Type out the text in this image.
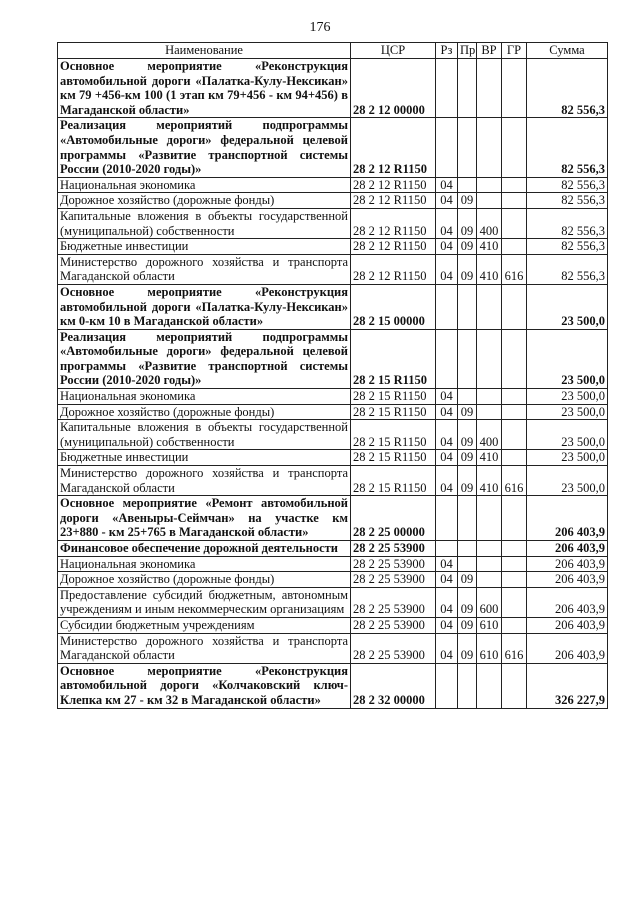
176
Наименование	ЦСР	Рз	Пр	ВР	ГР	Сумма
Основное мероприятие «Реконструкция автомобильной дороги «Палатка-Кулу-Нексикан» км 79 +456-км 100 (1 этап км 79+456 - км 94+456) в Магаданской области»	28 2 12 00000					82 556,3
Реализация мероприятий подпрограммы «Автомобильные дороги» федеральной целевой программы «Развитие транспортной системы России (2010-2020 годы)»	28 2 12 R1150					82 556,3
Национальная экономика	28 2 12 R1150	04				82 556,3
Дорожное хозяйство (дорожные фонды)	28 2 12 R1150	04	09			82 556,3
Капитальные вложения в объекты государственной (муниципальной) собственности	28 2 12 R1150	04	09	400		82 556,3
Бюджетные инвестиции	28 2 12 R1150	04	09	410		82 556,3
Министерство дорожного хозяйства и транспорта Магаданской области	28 2 12 R1150	04	09	410	616	82 556,3
Основное мероприятие «Реконструкция автомобильной дороги «Палатка-Кулу-Нексикан» км 0-км 10 в Магаданской области»	28 2 15 00000					23 500,0
Реализация мероприятий подпрограммы «Автомобильные дороги» федеральной целевой программы «Развитие транспортной системы России (2010-2020 годы)»	28 2 15 R1150					23 500,0
Национальная экономика	28 2 15 R1150	04				23 500,0
Дорожное хозяйство (дорожные фонды)	28 2 15 R1150	04	09			23 500,0
Капитальные вложения в объекты государственной (муниципальной) собственности	28 2 15 R1150	04	09	400		23 500,0
Бюджетные инвестиции	28 2 15 R1150	04	09	410		23 500,0
Министерство дорожного хозяйства и транспорта Магаданской области	28 2 15 R1150	04	09	410	616	23 500,0
Основное мероприятие «Ремонт автомобильной дороги «Авеныры-Сеймчан» на участке км 23+880 - км 25+765 в Магаданской области»	28 2 25 00000					206 403,9
Финансовое обеспечение дорожной деятельности	28 2 25 53900					206 403,9
Национальная экономика	28 2 25 53900	04				206 403,9
Дорожное хозяйство (дорожные фонды)	28 2 25 53900	04	09			206 403,9
Предоставление субсидий бюджетным, автономным учреждениям и иным некоммерческим организациям	28 2 25 53900	04	09	600		206 403,9
Субсидии бюджетным учреждениям	28 2 25 53900	04	09	610		206 403,9
Министерство дорожного хозяйства и транспорта Магаданской области	28 2 25 53900	04	09	610	616	206 403,9
Основное мероприятие «Реконструкция автомобильной дороги «Колчаковский ключ-Клепка км 27 - км 32 в Магаданской области»	28 2 32 00000					326 227,9
